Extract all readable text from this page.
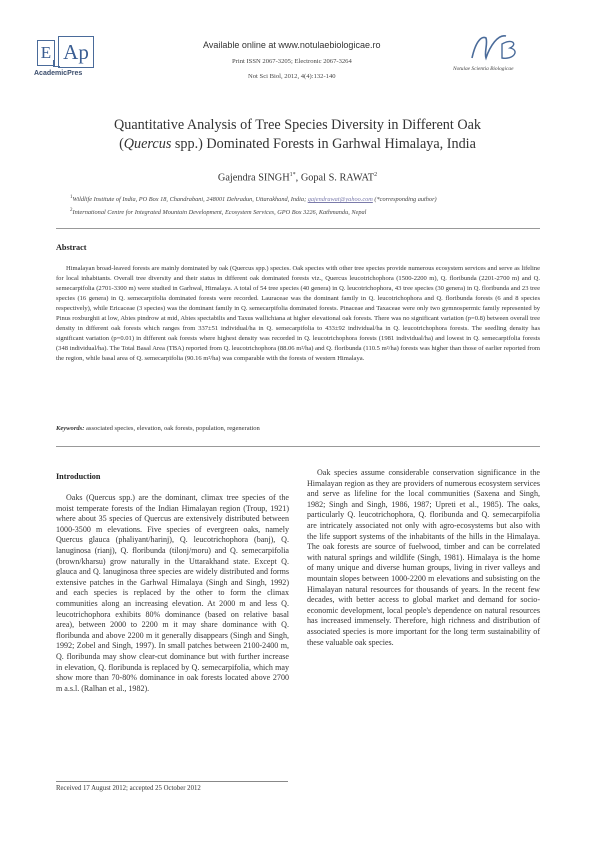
E Ap
AcademicPres
Available online at www.notulaebiologicae.ro
Print ISSN 2067-3205; Electronic 2067-3264
Not Sci Biol, 2012, 4(4):132-140
NB
Notulae Scientia Biologicae
Quantitative Analysis of Tree Species Diversity in Different Oak
(Quercus spp.) Dominated Forests in Garhwal Himalaya, India
Gajendra $SINGH^{1*}$, Gopal S. RAWAT$^2$
$^1$Wildlife Institute of India, PO Box 18, Chandrabani, 248001 Dehradun, Uttarakhand, India; gajendrawat@yahoo.com (*corresponding author)
$^2$International Centre for Integrated Mountain Development, Ecosystem Services, GPO Box 3226, Kathmandu, Nepal
Abstract

Himalayan broad-leaved forests are mainly dominated by oak (Quercus spp.) species. Oak species with other tree species provide numerous ecosystem services and serve as lifeline for local inhabitants. Overall tree diversity and their status in different oak dominated forests viz., Quercus leucotrichophora (1500-2200 m), Q. floribunda (2201-2700 m) and Q. semecarpifolia (2701-3300 m) were studied in Garhwal, Himalaya. A total of 54 tree species (40 genera) in Q. leucotrichophora, 43 tree species (30 genera) in Q. floribunda and 23 tree species (16 genera) in Q. semecarpifolia dominated forests were recorded. Lauraceae was the dominant family in Q. leucotrichophora and Q. floribunda forests (6 and 8 species respectively), while Ericaceae (3 species) was the dominant family in Q. semecarpifolia dominated forests. Pinaceae and Taxaceae were only two gymnospermic family represented by Pinus roxburghii at low, Abies pindrow at mid, Abies spectabilis and Taxus wallichiana at higher elevational oak forests. There was no significant variation (p=0.8) between overall tree density in different oak forests which ranges from 337±51 individual/ha in Q. semecarpifolia to 433±92 individual/ha in Q. leucotrichophora forests. The seedling density has significant variation (p=0.01) in different oak forests where highest density was recorded in Q. leucotrichophora forests (1981 individual/ha) and lowest in Q. semecarpifolia forests (348 individual/ha). The Total Basal Area (TBA) reported from Q. leucotrichophora (88.06 m²/ha) and Q. floribunda (110.5 m²/ha) forests was higher than those of earlier reported from the region, while basal area of Q. semecarpifolia (90.16 m²/ha) was comparable with the forests of western Himalaya.

Keywords: associated species, elevation, oak forests, population, regeneration
Introduction

Oaks (Quercus spp.) are the dominant, climax tree species of the moist temperate forests of the Indian Himalayan region (Troup, 1921) where about 35 species of Quercus are extensively distributed between 1000-3500 m elevations. Five species of evergreen oaks, namely Quercus glauca (phaliyant/harinj), Q. leucotrichophora (banj), Q. lanuginosa (rianj), Q. floribunda (tilonj/moru) and Q. semecarpifolia (brown/kharsu) grow naturally in the Uttarakhand state. Except Q. glauca and Q. lanuginosa three species are widely distributed and forms extensive patches in the Garhwal Himalaya (Singh and Singh, 1992) and each species is replaced by the other to form the climax communities along an increasing elevation. At 2000 m and less Q. leucotrichophora exhibits 80% dominance (based on relative basal area), between 2000 to 2200 m it may share dominance with Q. floribunda and above 2200 m it generally disappears (Singh and Singh, 1992; Zobel and Singh, 1997). In small patches between 2100-2400 m, Q. floribunda may show clear-cut dominance but with further increase in elevation, Q. floribunda is replaced by Q. semecarpifolia, which may show more than 70-80% dominance in oak forests located above 2700 m a.s.l. (Ralhan et al., 1982).

Oak species assume considerable conservation significance in the Himalayan region as they are providers of numerous ecosystem services and serve as lifeline for the local communities (Saxena and Singh, 1982; Singh and Singh, 1986, 1987; Upreti et al., 1985). The oaks, particularly Q. leucotrichophora, Q. floribunda and Q. semecarpifolia are intricately associated not only with agro-ecosystems but also with the life support systems of the inhabitants of the hills in the Himalaya. The oak forests are source of fuelwood, timber and can be correlated with natural springs and wildlife (Singh, 1981). Himalaya is the home of many unique and diverse human groups, living in river valleys and mountain slopes between 1000-2200 m elevations and subsisting on the Himalayan natural resources for thousands of years. In the recent few decades, with better access to global market and demand for socio-economic development, local people's dependence on natural resources has increased immensely. Therefore, high richness and distribution of associated species is more important for the long term sustainability of these valuable oak species.

Received 17 August 2012; accepted 25 October 2012
